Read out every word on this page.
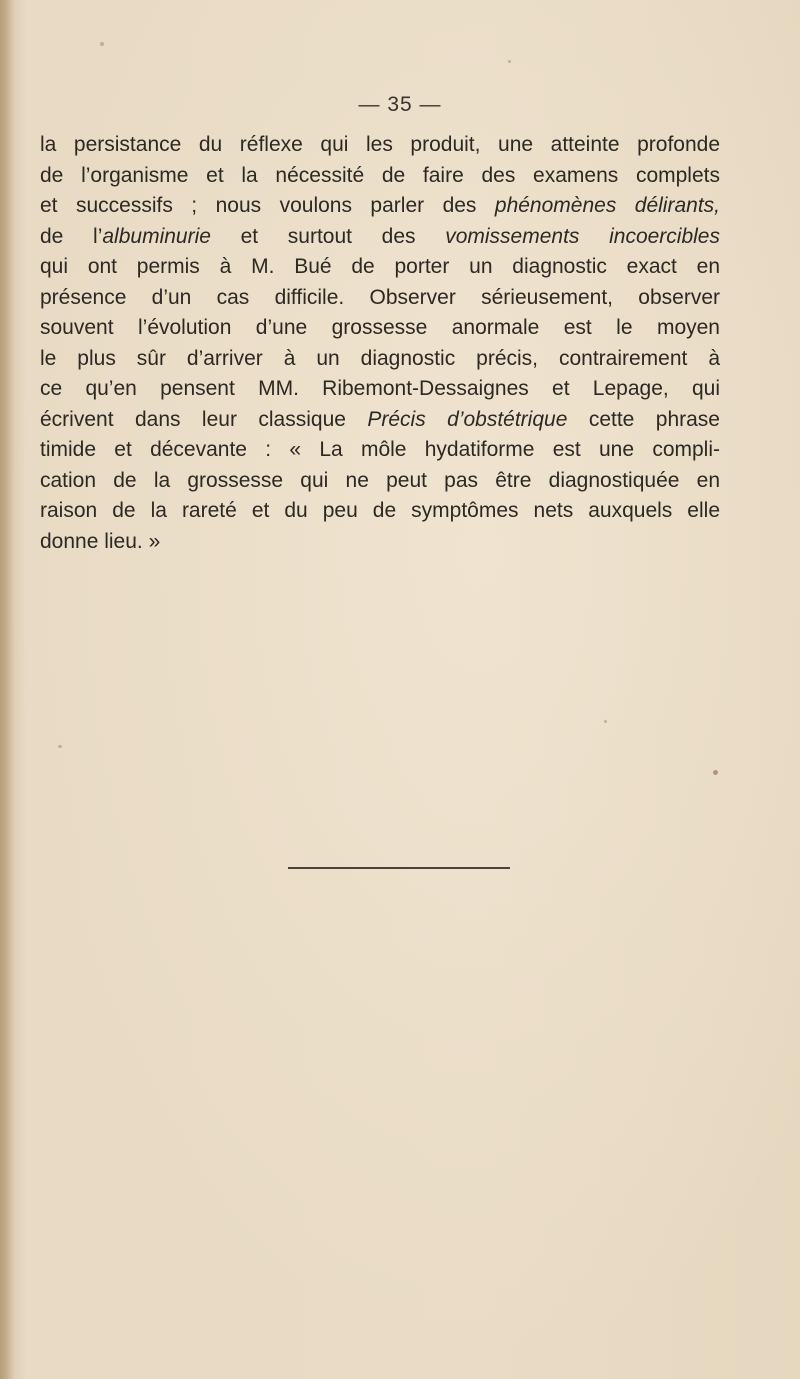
— 35 —
la persistance du réflexe qui les produit, une atteinte profonde
de l’organisme et la nécessité de faire des examens complets
et successifs ; nous voulons parler des phénomènes délirants,
de l’albuminurie et surtout des vomissements incoercibles
qui ont permis à M. Bué de porter un diagnostic exact en
présence d’un cas difficile. Observer sérieusement, observer
souvent l’évolution d’une grossesse anormale est le moyen
le plus sûr d’arriver à un diagnostic précis, contrairement à
ce qu’en pensent MM. Ribemont-Dessaignes et Lepage, qui
écrivent dans leur classique Précis d’obstétrique cette phrase
timide et décevante : « La môle hydatiforme est une compli-
cation de la grossesse qui ne peut pas être diagnostiquée en
raison de la rareté et du peu de symptômes nets auxquels elle
donne lieu. »
